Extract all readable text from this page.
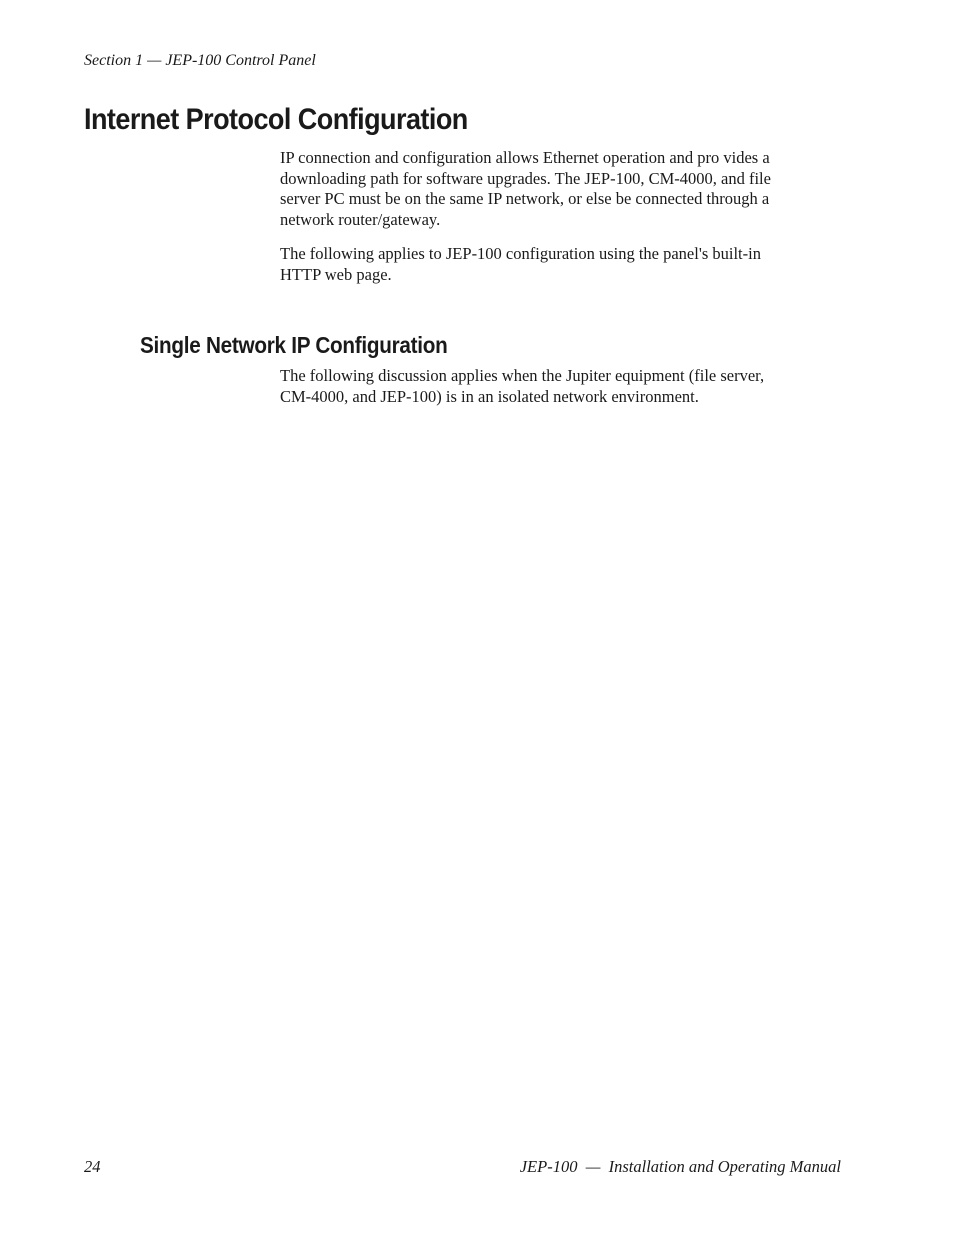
Section 1 — JEP-100 Control Panel
Internet Protocol Configuration
IP connection and configuration allows Ethernet operation and pro vides a
downloading path for software upgrades. The JEP-100, CM-4000, and file
server PC must be on the same IP network, or else be connected through a
network router/gateway.
The following applies to JEP-100 configuration using the panel's built-in
HTTP web page.
Single Network IP Configuration
The following discussion applies when the Jupiter equipment (file server,
CM-4000, and JEP-100) is in an isolated network environment.
24	JEP-100  —  Installation and Operating Manual
